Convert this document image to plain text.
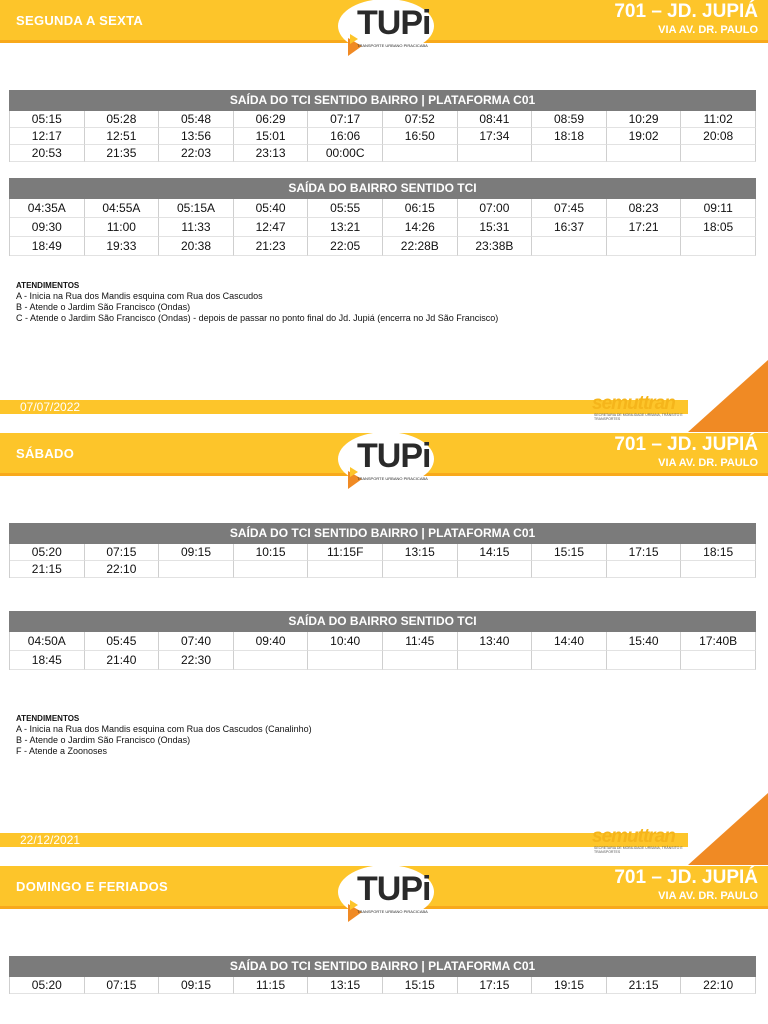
SEGUNDA A SEXTA	701 – JD. JUPIÁ
VIA AV. DR. PAULO
TUPi
TRANSPORTE URBANO PIRACICABA
SAÍDA DO TCI SENTIDO BAIRRO | PLATAFORMA C01
05:15	05:28	05:48	06:29	07:17	07:52	08:41	08:59	10:29	11:02
12:17	12:51	13:56	15:01	16:06	16:50	17:34	18:18	19:02	20:08
20:53	21:35	22:03	23:13	00:00C
SAÍDA DO BAIRRO SENTIDO TCI
04:35A	04:55A	05:15A	05:40	05:55	06:15	07:00	07:45	08:23	09:11
09:30	11:00	11:33	12:47	13:21	14:26	15:31	16:37	17:21	18:05
18:49	19:33	20:38	21:23	22:05	22:28B	23:38B
ATENDIMENTOS
A - Inicia na Rua dos Mandis esquina com Rua dos Cascudos
B - Atende o Jardim São Francisco (Ondas)
C - Atende o Jardim São Francisco (Ondas) - depois de passar no ponto final do Jd. Jupiá (encerra no Jd São Francisco)
07/07/2022	semuttran
SECRETARIA DE MOBILIDADE URBANA, TRÂNSITO E TRANSPORTES
SÁBADO	701 – JD. JUPIÁ
VIA AV. DR. PAULO
TUPi
TRANSPORTE URBANO PIRACICABA
SAÍDA DO TCI SENTIDO BAIRRO | PLATAFORMA C01
05:20	07:15	09:15	10:15	11:15F	13:15	14:15	15:15	17:15	18:15
21:15	22:10
SAÍDA DO BAIRRO SENTIDO TCI
04:50A	05:45	07:40	09:40	10:40	11:45	13:40	14:40	15:40	17:40B
18:45	21:40	22:30
ATENDIMENTOS
A - Inicia na Rua dos Mandis esquina com Rua dos Cascudos (Canalinho)
B - Atende o Jardim São Francisco (Ondas)
F - Atende a Zoonoses
22/12/2021	semuttran
SECRETARIA DE MOBILIDADE URBANA, TRÂNSITO E TRANSPORTES
DOMINGO E FERIADOS	701 – JD. JUPIÁ
VIA AV. DR. PAULO
TUPi
TRANSPORTE URBANO PIRACICABA
SAÍDA DO TCI SENTIDO BAIRRO | PLATAFORMA C01
05:20	07:15	09:15	11:15	13:15	15:15	17:15	19:15	21:15	22:10
